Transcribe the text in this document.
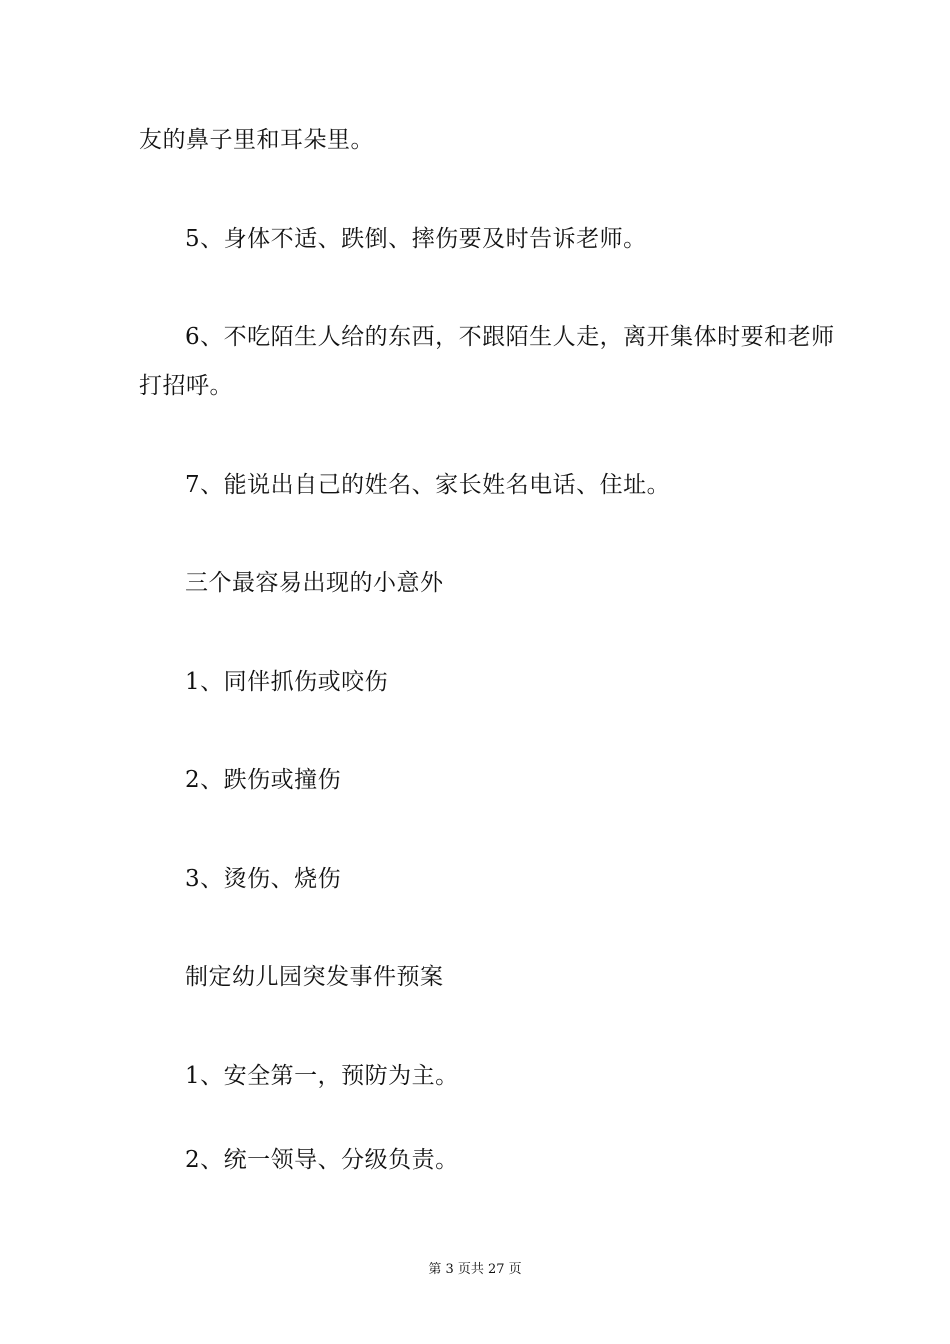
友的鼻子里和耳朵里。
5、身体不适、跌倒、摔伤要及时告诉老师。
6、不吃陌生人给的东西，不跟陌生人走，离开集体时要和老师
打招呼。
7、能说出自己的姓名、家长姓名电话、住址。
三个最容易出现的小意外
1、同伴抓伤或咬伤
2、跌伤或撞伤
3、烫伤、烧伤
制定幼儿园突发事件预案
1、安全第一，预防为主。
2、统一领导、分级负责。
第 3 页共 27 页
